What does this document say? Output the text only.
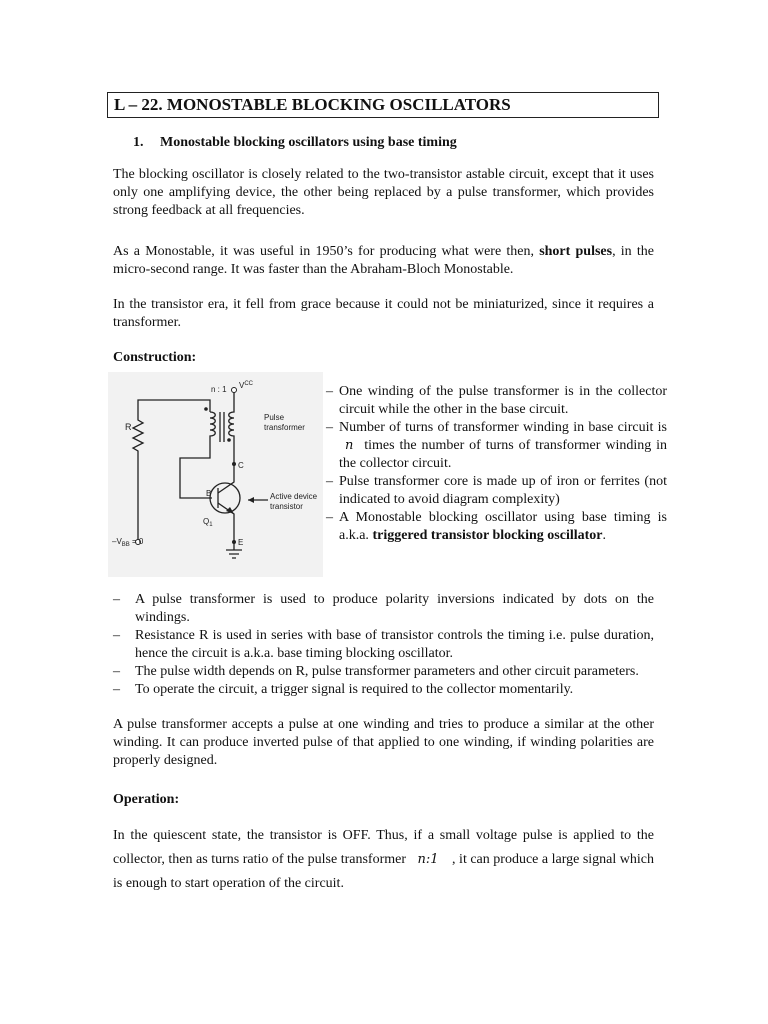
L – 22. MONOSTABLE BLOCKING OSCILLATORS
1. Monostable blocking oscillators using base timing
The blocking oscillator is closely related to the two-transistor astable circuit, except that it uses only one amplifying device, the other being replaced by a pulse transformer, which provides strong feedback at all frequencies.
As a Monostable, it was useful in 1950’s for producing what were then, short pulses, in the micro-second range. It was faster than the Abraham-Bloch Monostable.
In the transistor era, it fell from grace because it could not be miniaturized, since it requires a transformer.
Construction:
n : 1 $V^{CC}$
Pulse
transformer
R
C
B
$Q_1$
Active device
transistor
E
$-V_{BB} = 0$
– One winding of the pulse transformer is in the collector circuit while the other in the base circuit.
– Number of turns of transformer winding in base circuit is n times the number of turns of transformer winding in the collector circuit.
– Pulse transformer core is made up of iron or ferrites (not indicated to avoid diagram complexity)
– A Monostable blocking oscillator using base timing is a.k.a. triggered transistor blocking oscillator.
– A pulse transformer is used to produce polarity inversions indicated by dots on the windings.
– Resistance R is used in series with base of transistor controls the timing i.e. pulse duration, hence the circuit is a.k.a. base timing blocking oscillator.
– The pulse width depends on R, pulse transformer parameters and other circuit parameters.
– To operate the circuit, a trigger signal is required to the collector momentarily.
A pulse transformer accepts a pulse at one winding and tries to produce a similar at the other winding. It can produce inverted pulse of that applied to one winding, if winding polarities are properly designed.
Operation:
In the quiescent state, the transistor is OFF. Thus, if a small voltage pulse is applied to the collector, then as turns ratio of the pulse transformer n:1 , it can produce a large signal which is enough to start operation of the circuit.
